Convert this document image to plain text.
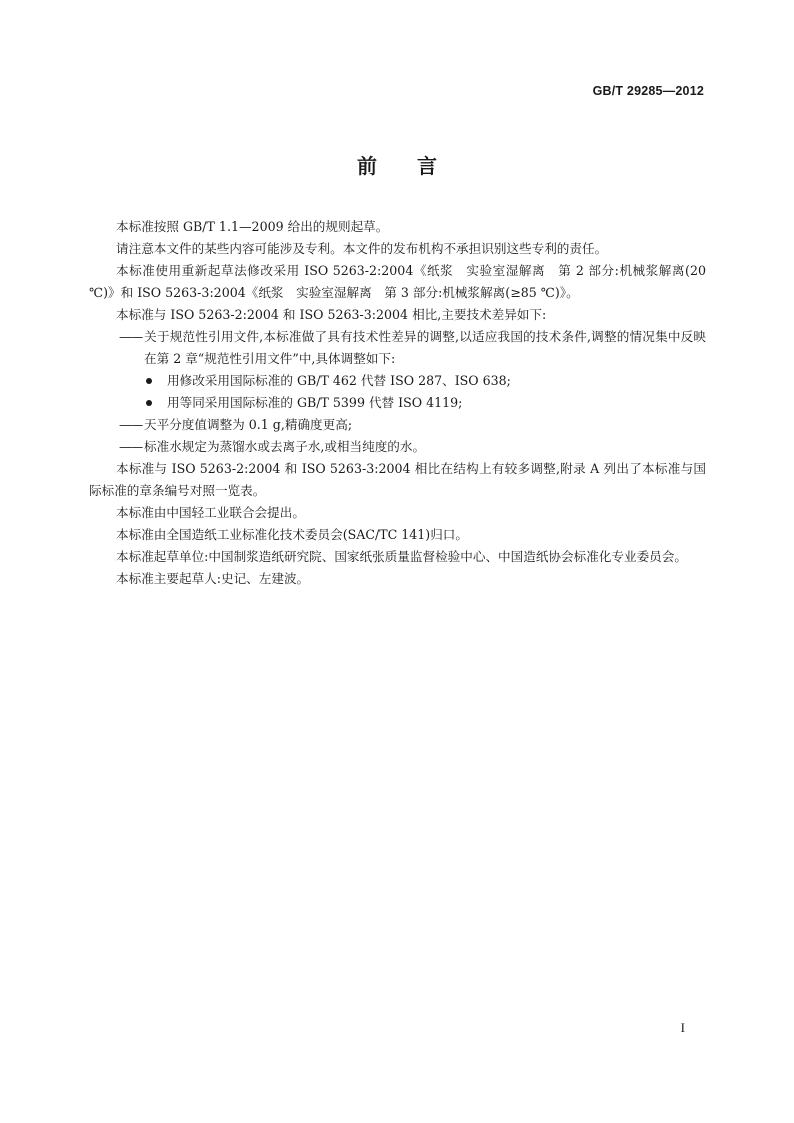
GB/T 29285—2012
前言

本标准按照 GB/T 1.1—2009 给出的规则起草。

请注意本文件的某些内容可能涉及专利。本文件的发布机构不承担识别这些专利的责任。

本标准使用重新起草法修改采用 ISO 5263-2:2004《纸浆　实验室湿解离　第 2 部分:机械浆解离(20 ℃)》和 ISO 5263-3:2004《纸浆　实验室湿解离　第 3 部分:机械浆解离(≥85 ℃)》。

本标准与 ISO 5263-2:2004 和 ISO 5263-3:2004 相比,主要技术差异如下:

—— 关于规范性引用文件,本标准做了具有技术性差异的调整,以适应我国的技术条件,调整的情况集中反映在第 2 章“规范性引用文件”中,具体调整如下:

用修改采用国际标准的 GB/T 462 代替 ISO 287、ISO 638;
用等同采用国际标准的 GB/T 5399 代替 ISO 4119;

—— 天平分度值调整为 0.1 g,精确度更高;

—— 标准水规定为蒸馏水或去离子水,或相当纯度的水。

本标准与 ISO 5263-2:2004 和 ISO 5263-3:2004 相比在结构上有较多调整,附录 A 列出了本标准与国际标准的章条编号对照一览表。

本标准由中国轻工业联合会提出。

本标准由全国造纸工业标准化技术委员会(SAC/TC 141)归口。

本标准起草单位:中国制浆造纸研究院、国家纸张质量监督检验中心、中国造纸协会标准化专业委员会。

本标准主要起草人:史记、左建波。

I
